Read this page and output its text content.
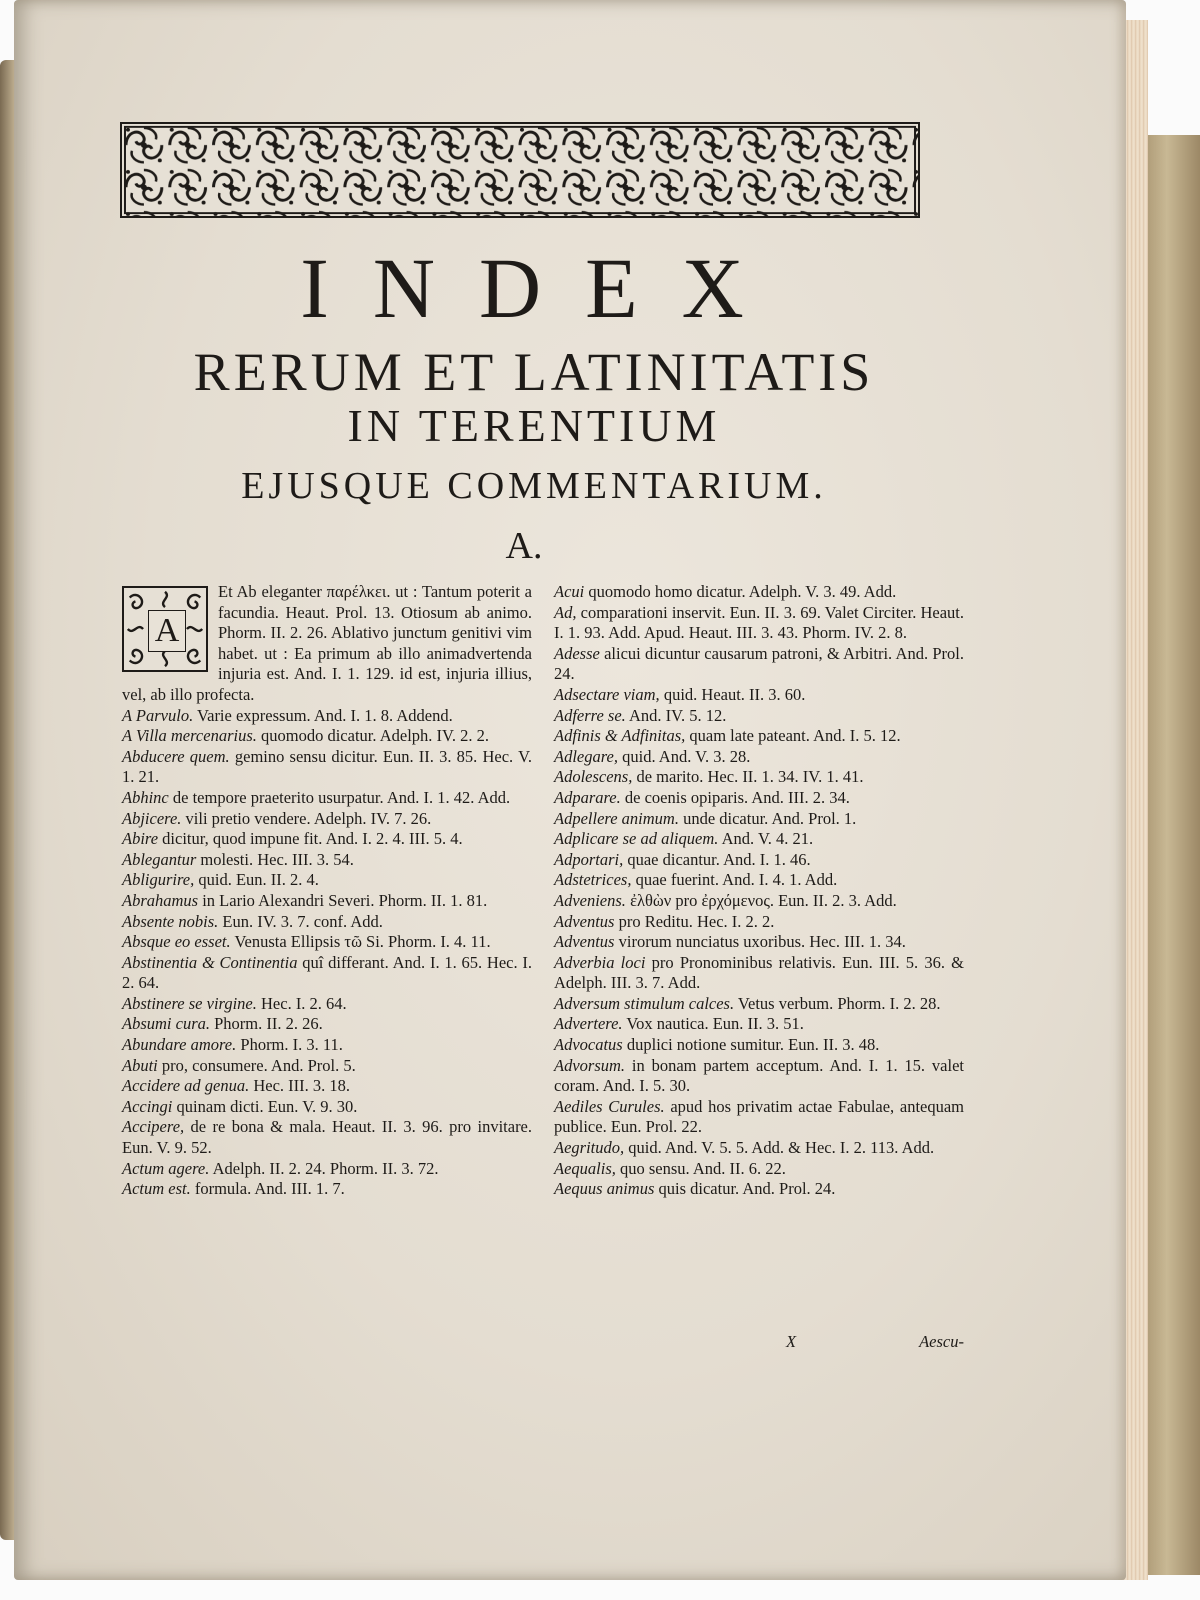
INDEX
RERUM ET LATINITATIS
IN TERENTIUM
EJUSQUE COMMENTARIUM.
A.
A
Et Ab eleganter παρέλκει. ut : Tantum poterit a facundia. Heaut. Prol. 13. Otiosum ab animo. Phorm. II. 2. 26. Ablativo junctum genitivi vim habet. ut : Ea primum ab illo animadvertenda injuria est. And. I. 1. 129. id est, injuria illius, vel, ab illo profecta.
A Parvulo. Varie expressum. And. I. 1. 8. Addend.
A Villa mercenarius. quomodo dicatur. Adelph. IV. 2. 2.
Abducere quem. gemino sensu dicitur. Eun. II. 3. 85. Hec. V. 1. 21.
Abhinc de tempore praeterito usurpatur. And. I. 1. 42. Add.
Abjicere. vili pretio vendere. Adelph. IV. 7. 26.
Abire dicitur, quod impune fit. And. I. 2. 4. III. 5. 4.
Ablegantur molesti. Hec. III. 3. 54.
Abligurire, quid. Eun. II. 2. 4.
Abrahamus in Lario Alexandri Severi. Phorm. II. 1. 81.
Absente nobis. Eun. IV. 3. 7. conf. Add.
Absque eo esset. Venusta Ellipsis τῶ Si. Phorm. I. 4. 11.
Abstinentia & Continentia quî differant. And. I. 1. 65. Hec. I. 2. 64.
Abstinere se virgine. Hec. I. 2. 64.
Absumi cura. Phorm. II. 2. 26.
Abundare amore. Phorm. I. 3. 11.
Abuti pro, consumere. And. Prol. 5.
Accidere ad genua. Hec. III. 3. 18.
Accingi quinam dicti. Eun. V. 9. 30.
Accipere, de re bona & mala. Heaut. II. 3. 96. pro invitare. Eun. V. 9. 52.
Actum agere. Adelph. II. 2. 24. Phorm. II. 3. 72.
Actum est. formula. And. III. 1. 7.
Acui quomodo homo dicatur. Adelph. V. 3. 49. Add.
Ad, comparationi inservit. Eun. II. 3. 69. Valet Circiter. Heaut. I. 1. 93. Add. Apud. Heaut. III. 3. 43. Phorm. IV. 2. 8.
Adesse alicui dicuntur causarum patroni, & Arbitri. And. Prol. 24.
Adsectare viam, quid. Heaut. II. 3. 60.
Adferre se. And. IV. 5. 12.
Adfinis & Adfinitas, quam late pateant. And. I. 5. 12.
Adlegare, quid. And. V. 3. 28.
Adolescens, de marito. Hec. II. 1. 34. IV. 1. 41.
Adparare. de coenis opiparis. And. III. 2. 34.
Adpellere animum. unde dicatur. And. Prol. 1.
Adplicare se ad aliquem. And. V. 4. 21.
Adportari, quae dicantur. And. I. 1. 46.
Adstetrices, quae fuerint. And. I. 4. 1. Add.
Adveniens. ἐλθὼν pro ἐρχόμενος. Eun. II. 2. 3. Add.
Adventus pro Reditu. Hec. I. 2. 2.
Adventus virorum nunciatus uxoribus. Hec. III. 1. 34.
Adverbia loci pro Pronominibus relativis. Eun. III. 5. 36. & Adelph. III. 3. 7. Add.
Adversum stimulum calces. Vetus verbum. Phorm. I. 2. 28.
Advertere. Vox nautica. Eun. II. 3. 51.
Advocatus duplici notione sumitur. Eun. II. 3. 48.
Advorsum. in bonam partem acceptum. And. I. 1. 15. valet coram. And. I. 5. 30.
Aediles Curules. apud hos privatim actae Fabulae, antequam publice. Eun. Prol. 22.
Aegritudo, quid. And. V. 5. 5. Add. & Hec. I. 2. 113. Add.
Aequalis, quo sensu. And. II. 6. 22.
Aequus animus quis dicatur. And. Prol. 24.
X	Aescu-
